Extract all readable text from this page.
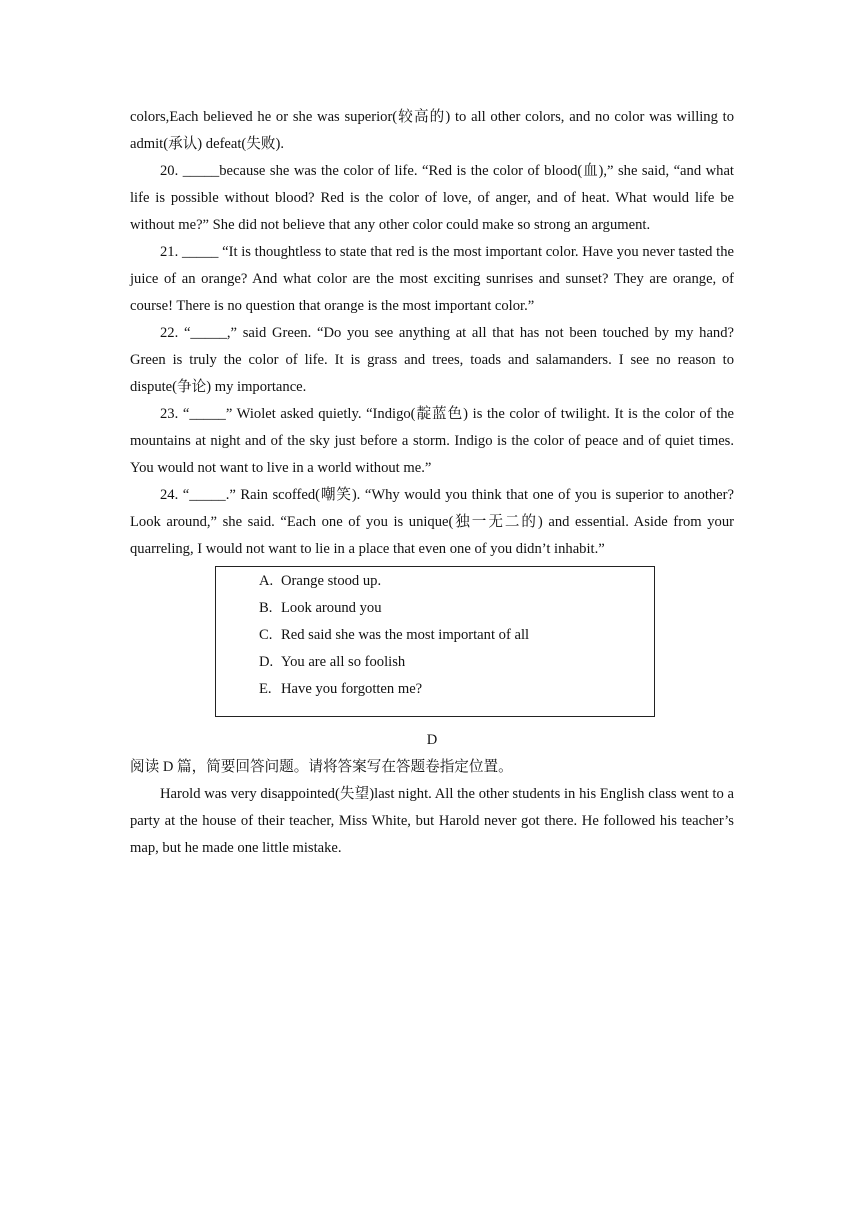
colors,Each believed he or she was superior(较高的) to all other colors, and no color was willing to admit(承认) defeat(失败).

20. _____because she was the color of life. “Red is the color of blood(血),” she said, “and what life is possible without blood? Red is the color of love, of anger, and of heat. What would life be without me?” She did not believe that any other color could make so strong an argument.

21. _____ “It is thoughtless to state that red is the most important color. Have you never tasted the juice of an orange? And what color are the most exciting sunrises and sunset? They are orange, of course! There is no question that orange is the most important color.”

22. “_____,” said Green. “Do you see anything at all that has not been touched by my hand? Green is truly the color of life. It is grass and trees, toads and salamanders. I see no reason to dispute(争论) my importance.

23. “_____” Wiolet asked quietly. “Indigo(靛蓝色) is the color of twilight. It is the color of the mountains at night and of the sky just before a storm. Indigo is the color of peace and of quiet times. You would not want to live in a world without me.”

24. “_____.” Rain scoffed(嘲笑). “Why would you think that one of you is superior to another? Look around,” she said. “Each one of you is unique(独一无二的) and essential. Aside from your quarreling, I would not want to lie in a place that even one of you didn’t inhabit.”

A. Orange stood up.
B. Look around you
C. Red said she was the most important of all
D. You are all so foolish
E. Have you forgotten me?

D

阅读 D 篇，简要回答问题。请将答案写在答题卷指定位置。

Harold was very disappointed(失望)last night. All the other students in his English class went to a party at the house of their teacher, Miss White, but Harold never got there. He followed his teacher’s map, but he made one little mistake.
